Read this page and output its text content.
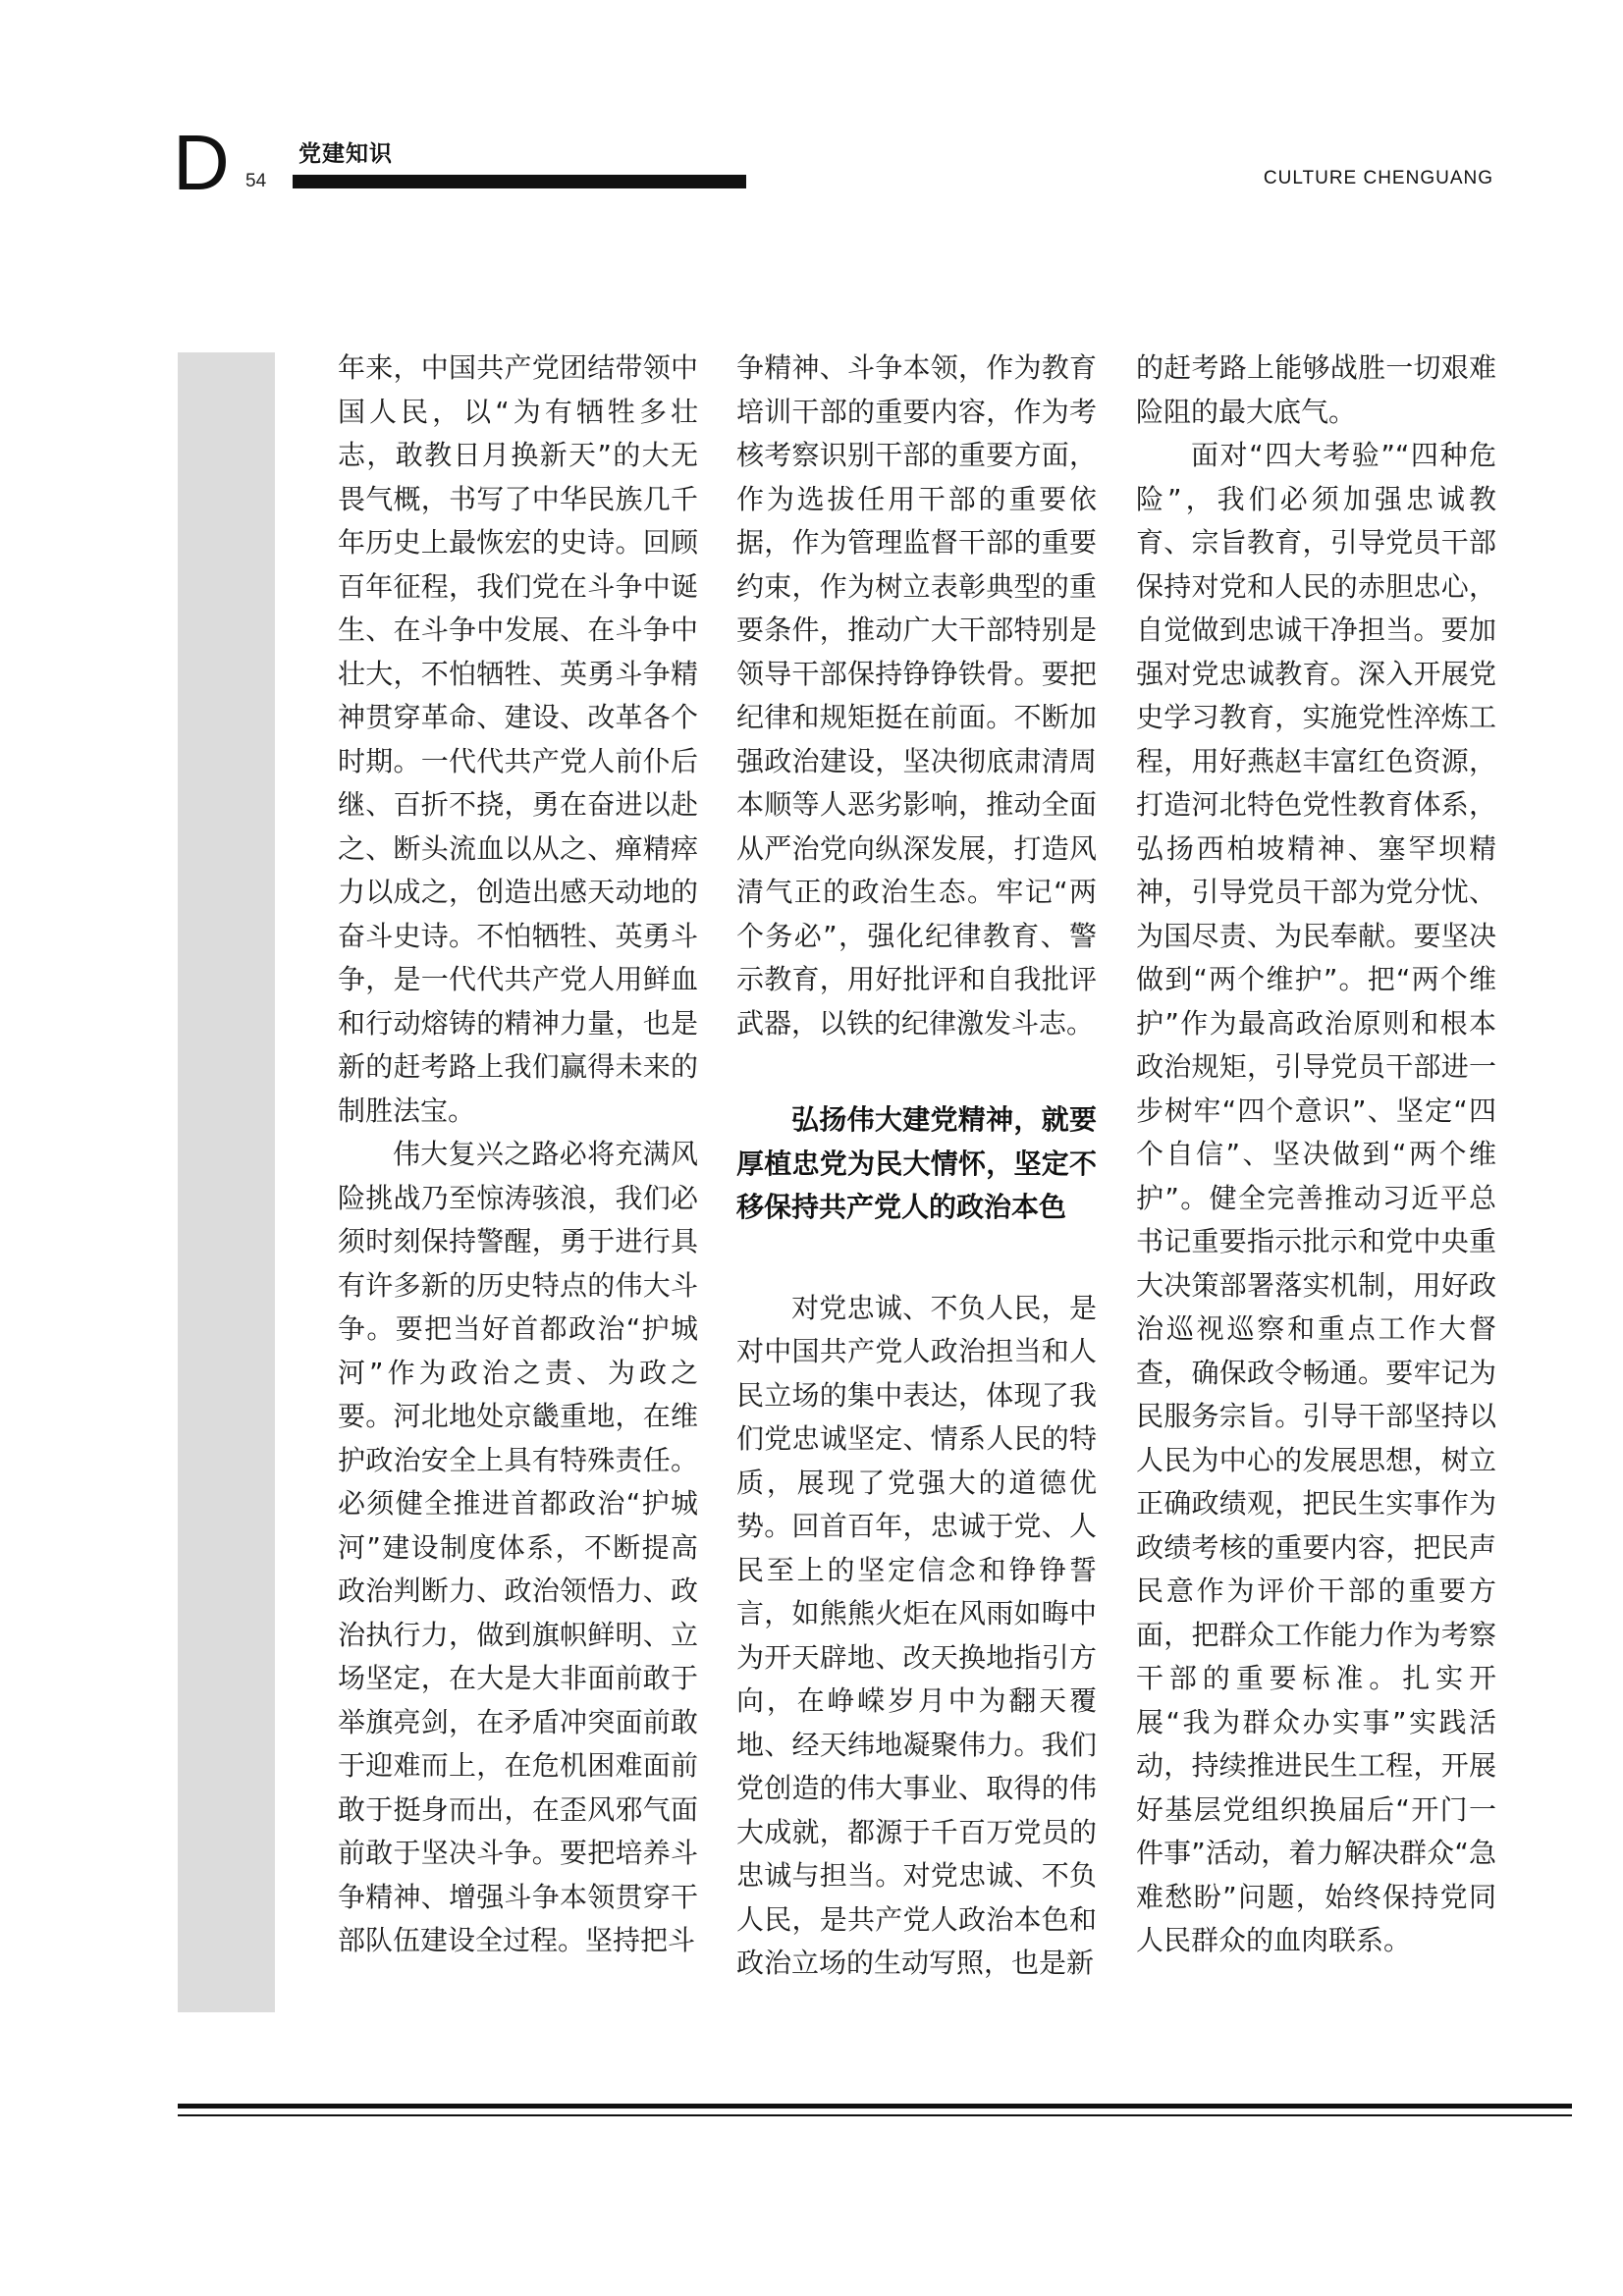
D 54
党建知识
CULTURE CHENGUANG

年来，中国共产党团结带领中国人民，以“为有牺牲多壮志，敢教日月换新天”的大无畏气概，书写了中华民族几千年历史上最恢宏的史诗。回顾百年征程，我们党在斗争中诞生、在斗争中发展、在斗争中壮大，不怕牺牲、英勇斗争精神贯穿革命、建设、改革各个时期。一代代共产党人前仆后继、百折不挠，勇在奋进以赴之、断头流血以从之、瘅精瘁力以成之，创造出感天动地的奋斗史诗。不怕牺牲、英勇斗争，是一代代共产党人用鲜血和行动熔铸的精神力量，也是新的赶考路上我们赢得未来的制胜法宝。

伟大复兴之路必将充满风险挑战乃至惊涛骇浪，我们必须时刻保持警醒，勇于进行具有许多新的历史特点的伟大斗争。要把当好首都政治“护城河”作为政治之责、为政之要。河北地处京畿重地，在维护政治安全上具有特殊责任。必须健全推进首都政治“护城河”建设制度体系，不断提高政治判断力、政治领悟力、政治执行力，做到旗帜鲜明、立场坚定，在大是大非面前敢于举旗亮剑，在矛盾冲突面前敢于迎难而上，在危机困难面前敢于挺身而出，在歪风邪气面前敢于坚决斗争。要把培养斗争精神、增强斗争本领贯穿干部队伍建设全过程。坚持把斗

争精神、斗争本领，作为教育培训干部的重要内容，作为考核考察识别干部的重要方面，作为选拔任用干部的重要依据，作为管理监督干部的重要约束，作为树立表彰典型的重要条件，推动广大干部特别是领导干部保持铮铮铁骨。要把纪律和规矩挺在前面。不断加强政治建设，坚决彻底肃清周本顺等人恶劣影响，推动全面从严治党向纵深发展，打造风清气正的政治生态。牢记“两个务必”，强化纪律教育、警示教育，用好批评和自我批评武器，以铁的纪律激发斗志。

弘扬伟大建党精神，就要厚植忠党为民大情怀，坚定不移保持共产党人的政治本色

对党忠诚、不负人民，是对中国共产党人政治担当和人民立场的集中表达，体现了我们党忠诚坚定、情系人民的特质，展现了党强大的道德优势。回首百年，忠诚于党、人民至上的坚定信念和铮铮誓言，如熊熊火炬在风雨如晦中为开天辟地、改天换地指引方向，在峥嵘岁月中为翻天覆地、经天纬地凝聚伟力。我们党创造的伟大事业、取得的伟大成就，都源于千百万党员的忠诚与担当。对党忠诚、不负人民，是共产党人政治本色和政治立场的生动写照，也是新

的赶考路上能够战胜一切艰难险阻的最大底气。

面对“四大考验”“四种危险”，我们必须加强忠诚教育、宗旨教育，引导党员干部保持对党和人民的赤胆忠心，自觉做到忠诚干净担当。要加强对党忠诚教育。深入开展党史学习教育，实施党性淬炼工程，用好燕赵丰富红色资源，打造河北特色党性教育体系，弘扬西柏坡精神、塞罕坝精神，引导党员干部为党分忧、为国尽责、为民奉献。要坚决做到“两个维护”。把“两个维护”作为最高政治原则和根本政治规矩，引导党员干部进一步树牢“四个意识”、坚定“四个自信”、坚决做到“两个维护”。健全完善推动习近平总书记重要指示批示和党中央重大决策部署落实机制，用好政治巡视巡察和重点工作大督查，确保政令畅通。要牢记为民服务宗旨。引导干部坚持以人民为中心的发展思想，树立正确政绩观，把民生实事作为政绩考核的重要内容，把民声民意作为评价干部的重要方面，把群众工作能力作为考察干部的重要标准。扎实开展“我为群众办实事”实践活动，持续推进民生工程，开展好基层党组织换届后“开门一件事”活动，着力解决群众“急难愁盼”问题，始终保持党同人民群众的血肉联系。
